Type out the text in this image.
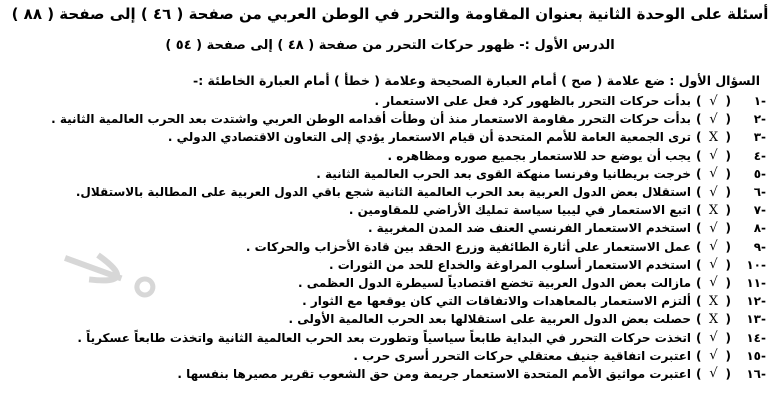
أسئلة على الوحدة الثانية بعنوان المقاومة والتحرر في الوطن العربي من صفحة ( ٤٦ ) إلى صفحة ( ٨٨ )
الدرس الأول :- ظهور حركات التحرر من صفحة ( ٤٨ ) إلى صفحة ( ٥٤ )
السؤال الأول : ضع علامة ( صح ) أمام العبارة الصحيحة وعلامة ( خطأ ) أمام العبارة الخاطئة :-
-١
(
√
)
بدأت حركات التحرر بالظهور كرد فعل على الاستعمار .
-٢
(
√
)
بدأت حركات التحرر مقاومة الاستعمار منذ أن وطأت أقدامه الوطن العربي واشتدت بعد الحرب العالمية الثانية .
-٣
(
X
)
ترى الجمعية العامة للأمم المتحدة أن قيام الاستعمار يؤدي إلى التعاون الاقتصادي الدولي .
-٤
(
√
)
يجب أن يوضع حد للاستعمار بجميع صوره ومظاهره .
-٥
(
√
)
خرجت بريطانيا وفرنسا منهكة القوى بعد الحرب العالمية الثانية .
-٦
(
√
)
استقلال بعض الدول العربية بعد الحرب العالمية الثانية شجع باقي الدول العربية على المطالبة بالاستقلال.
-٧
(
X
)
اتبع الاستعمار في ليبيا سياسة تمليك الأراضي للمقاومين .
-٨
(
√
)
استخدم الاستعمار الفرنسي العنف ضد المدن المغربية .
-٩
(
√
)
عمل الاستعمار على أثارة الطائفية وزرع الحقد بين قادة الأحزاب والحركات .
-١٠
(
√
)
استخدم الاستعمار أسلوب المراوغة والخداع للحد من الثورات .
-١١
(
√
)
مازالت بعض الدول العربية تخضع اقتصادياً لسيطرة الدول العظمى .
-١٢
(
X
)
ألتزم الاستعمار بالمعاهدات والاتفاقات التي كان يوقعها مع الثوار .
-١٣
(
X
)
حصلت بعض الدول العربية على استقلالها بعد الحرب العالمية الأولى .
-١٤
(
√
)
اتخذت حركات التحرر في البداية طابعاً سياسياً وتطورت بعد الحرب العالمية الثانية واتخذت طابعاً عسكرياً .
-١٥
(
√
)
اعتبرت اتفاقية جنيف معتقلي حركات التحرر أسرى حرب .
-١٦
(
√
)
اعتبرت مواثيق الأمم المتحدة الاستعمار جريمة ومن حق الشعوب تقرير مصيرها بنفسها .
